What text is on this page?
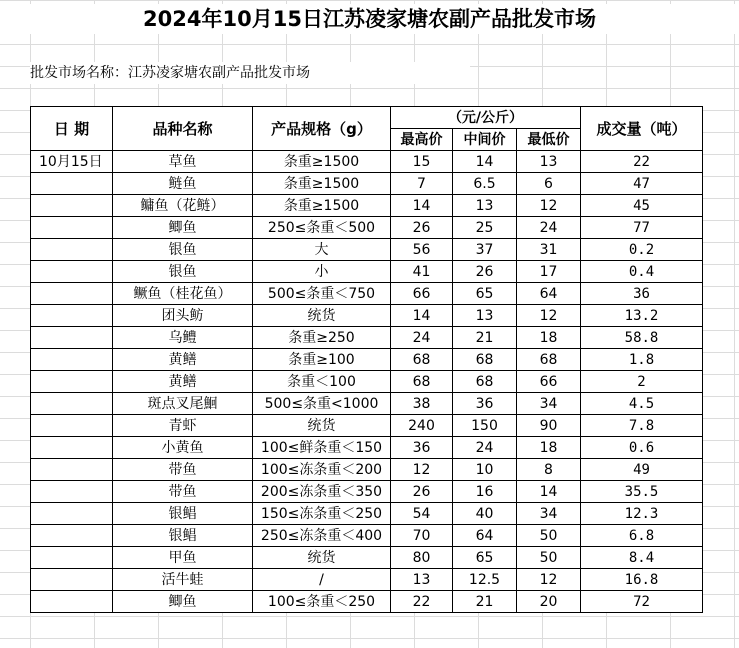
2024年10月15日江苏凌家塘农副产品批发市场
批发市场名称：江苏凌家塘农副产品批发市场
日 期	品种名称	产品规格（g）	（元/公斤）			成交量（吨）
			最高价	中间价	最低价	
10月15日	草鱼	条重≥1500	15	14	13	22
	鲢鱼	条重≥1500	7	6.5	6	47
	鳙鱼（花鲢）	条重≥1500	14	13	12	45
	鲫鱼	250≤条重＜500	26	25	24	77
	银鱼	大	56	37	31	0.2
	银鱼	小	41	26	17	0.4
	鳜鱼（桂花鱼）	500≤条重＜750	66	65	64	36
	团头鲂	统货	14	13	12	13.2
	乌鳢	条重≥250	24	21	18	58.8
	黄鳝	条重≥100	68	68	68	1.8
	黄鳝	条重＜100	68	68	66	2
	斑点叉尾鮰	500≤条重<1000	38	36	34	4.5
	青虾	统货	240	150	90	7.8
	小黄鱼	100≤鲜条重＜150	36	24	18	0.6
	带鱼	100≤冻条重＜200	12	10	8	49
	带鱼	200≤冻条重＜350	26	16	14	35.5
	银鲳	150≤冻条重＜250	54	40	34	12.3
	银鲳	250≤冻条重＜400	70	64	50	6.8
	甲鱼	统货	80	65	50	8.4
	活牛蛙	/	13	12.5	12	16.8
	鲫鱼	100≤条重＜250	22	21	20	72
